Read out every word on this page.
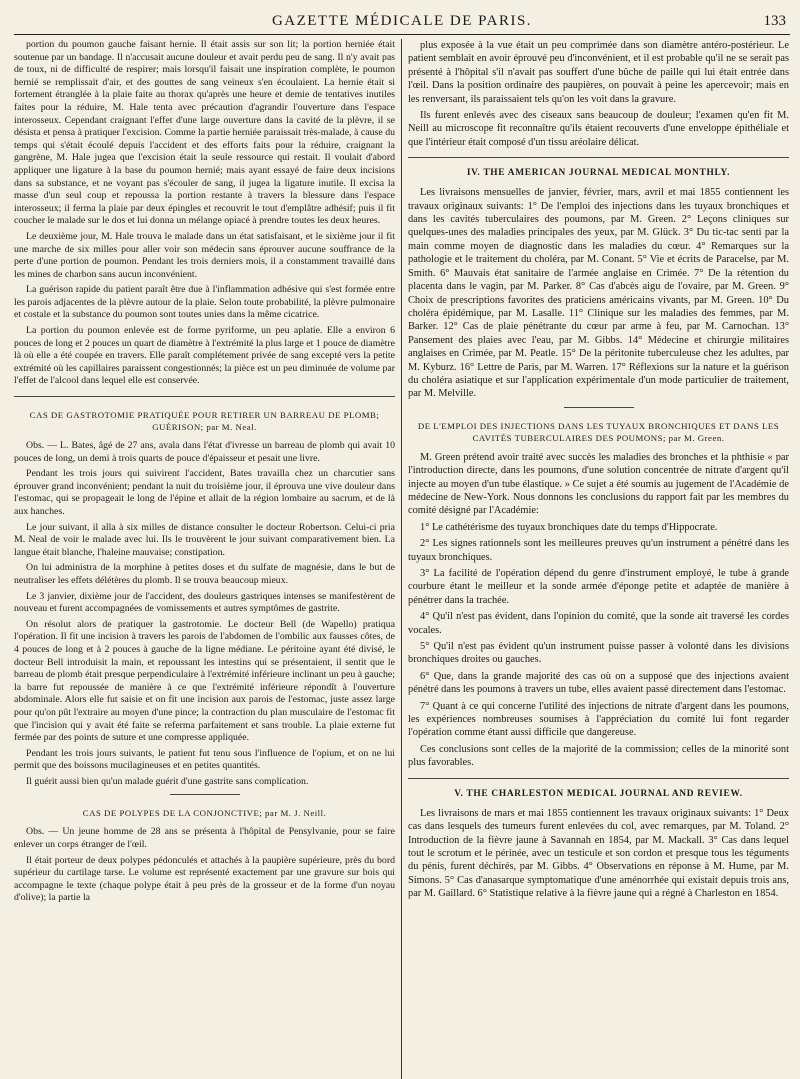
GAZETTE MÉDICALE DE PARIS.	133

portion du poumon gauche faisant hernie. Il était assis sur son lit; la portion herniée était soutenue par un bandage. Il n'accusait aucune douleur et avait perdu peu de sang. Il n'y avait pas de toux, ni de difficulté de respirer; mais lorsqu'il faisait une inspiration complète, le poumon hernié se remplissait d'air, et des gouttes de sang veineux s'en écoulaient. La hernie était si fortement étranglée à la plaie faite au thorax qu'après une heure et demie de tentatives inutiles faites pour la réduire, M. Hale tenta avec précaution d'agrandir l'ouverture dans l'espace interosseux. Cependant craignant l'effet d'une large ouverture dans la cavité de la plèvre, il se désista et pensa à pratiquer l'excision. Comme la partie herniée paraissait très-malade, à cause du temps qui s'était écoulé depuis l'accident et des efforts faits pour la réduire, craignant la gangrène, M. Hale jugea que l'excision était la seule ressource qui restait. Il voulait d'abord appliquer une ligature à la base du poumon hernié; mais ayant essayé de faire deux incisions dans sa substance, et ne voyant pas s'écouler de sang, il jugea la ligature inutile. Il excisa la masse d'un seul coup et repoussa la portion restante à travers la blessure dans l'espace interosseux; il ferma la plaie par deux épingles et recouvrit le tout d'emplâtre adhésif; puis il fit coucher le malade sur le dos et lui donna un mélange opiacé à prendre toutes les deux heures.

Le deuxième jour, M. Hale trouva le malade dans un état satisfaisant, et le sixième jour il fit une marche de six milles pour aller voir son médecin sans éprouver aucune souffrance de la perte d'une portion de poumon. Pendant les trois derniers mois, il a constamment travaillé dans les mines de charbon sans aucun inconvénient.

La guérison rapide du patient paraît être due à l'inflammation adhésive qui s'est formée entre les parois adjacentes de la plèvre autour de la plaie. Selon toute probabilité, la plèvre pulmonaire et costale et la substance du poumon sont toutes unies dans la même cicatrice.

La portion du poumon enlevée est de forme pyriforme, un peu aplatie. Elle a environ 6 pouces de long et 2 pouces un quart de diamètre à l'extrémité la plus large et 1 pouce de diamètre là où elle a été coupée en travers. Elle paraît complétement privée de sang excepté vers la petite extrémité où les capillaires paraissent congestionnés; la pièce est un peu diminuée de volume par l'effet de l'alcool dans lequel elle est conservée.

CAS DE GASTROTOMIE PRATIQUÉE POUR RETIRER UN BARREAU DE PLOMB; GUÉRISON; par M. Neal.

Obs. — L. Bates, âgé de 27 ans, avala dans l'état d'ivresse un barreau de plomb qui avait 10 pouces de long, un demi à trois quarts de pouce d'épaisseur et pesait une livre.

Pendant les trois jours qui suivirent l'accident, Bates travailla chez un charcutier sans éprouver grand inconvénient; pendant la nuit du troisième jour, il éprouva une vive douleur dans l'estomac, qui se propageait le long de l'épine et allait de la région lombaire au sacrum, et de là aux hanches.

Le jour suivant, il alla à six milles de distance consulter le docteur Robertson. Celui-ci pria M. Neal de voir le malade avec lui. Ils le trouvèrent le jour suivant comparativement bien. La langue était blanche, l'haleine mauvaise; constipation.

On lui administra de la morphine à petites doses et du sulfate de magnésie, dans le but de neutraliser les effets délétères du plomb. Il se trouva beaucoup mieux.

Le 3 janvier, dixième jour de l'accident, des douleurs gastriques intenses se manifestèrent de nouveau et furent accompagnées de vomissements et autres symptômes de gastrite.

On résolut alors de pratiquer la gastrotomie. Le docteur Bell (de Wapello) pratiqua l'opération. Il fit une incision à travers les parois de l'abdomen de l'ombilic aux fausses côtes, de 4 pouces de long et à 2 pouces à gauche de la ligne médiane. Le péritoine ayant été divisé, le docteur Bell introduisit la main, et repoussant les intestins qui se présentaient, il sentit que le barreau de plomb était presque perpendiculaire à l'extrémité inférieure inclinant un peu à gauche; la barre fut repoussée de manière à ce que l'extrémité inférieure répondît à l'ouverture abdominale. Alors elle fut saisie et on fit une incision aux parois de l'estomac, juste assez large pour qu'on pût l'extraire au moyen d'une pince; la contraction du plan musculaire de l'estomac fit que l'incision qui y avait été faite se referma parfaitement et sans trouble. La plaie externe fut fermée par des points de suture et une compresse appliquée.

Pendant les trois jours suivants, le patient fut tenu sous l'influence de l'opium, et on ne lui permit que des boissons mucilagineuses et en petites quantités.

Il guérit aussi bien qu'un malade guérit d'une gastrite sans complication.

CAS DE POLYPES DE LA CONJONCTIVE; par M. J. Neill.

Obs. — Un jeune homme de 28 ans se présenta à l'hôpital de Pensylvanie, pour se faire enlever un corps étranger de l'œil.

Il était porteur de deux polypes pédonculés et attachés à la paupière supérieure, près du bord supérieur du cartilage tarse. Le volume est représenté exactement par une gravure sur bois qui accompagne le texte (chaque polype était à peu près de la grosseur et de la forme d'un noyau d'olive); la partie la

plus exposée à la vue était un peu comprimée dans son diamètre antéro-postérieur. Le patient semblait en avoir éprouvé peu d'inconvénient, et il est probable qu'il ne se serait pas présenté à l'hôpital s'il n'avait pas souffert d'une bûche de paille qui lui était entrée dans l'œil. Dans la position ordinaire des paupières, on pouvait à peine les apercevoir; mais en les renversant, ils paraissaient tels qu'on les voit dans la gravure.

Ils furent enlevés avec des ciseaux sans beaucoup de douleur; l'examen qu'en fit M. Neill au microscope fit reconnaître qu'ils étaient recouverts d'une enveloppe épithéliale et que l'intérieur était composé d'un tissu aréolaire délicat.

IV. THE AMERICAN JOURNAL MEDICAL MONTHLY.

Les livraisons mensuelles de janvier, février, mars, avril et mai 1855 contiennent les travaux originaux suivants: 1° De l'emploi des injections dans les tuyaux bronchiques et dans les cavités tuberculaires des poumons, par M. Green. 2° Leçons cliniques sur quelques-unes des maladies principales des yeux, par M. Glück. 3° Du tic-tac senti par la main comme moyen de diagnostic dans les maladies du cœur. 4° Remarques sur la pathologie et le traitement du choléra, par M. Conant. 5° Vie et écrits de Paracelse, par M. Smith. 6° Mauvais état sanitaire de l'armée anglaise en Crimée. 7° De la rétention du placenta dans le vagin, par M. Parker. 8° Cas d'abcès aigu de l'ovaire, par M. Green. 9° Choix de prescriptions favorites des praticiens américains vivants, par M. Green. 10° Du choléra épidémique, par M. Lasalle. 11° Clinique sur les maladies des femmes, par M. Barker. 12° Cas de plaie pénétrante du cœur par arme à feu, par M. Carnochan. 13° Pansement des plaies avec l'eau, par M. Gibbs. 14° Médecine et chirurgie militaires anglaises en Crimée, par M. Peatle. 15° De la péritonite tuberculeuse chez les adultes, par M. Kyburz. 16° Lettre de Paris, par M. Warren. 17° Réflexions sur la nature et la guérison du choléra asiatique et sur l'application expérimentale d'un mode particulier de traitement, par M. Melville.

DE L'EMPLOI DES INJECTIONS DANS LES TUYAUX BRONCHIQUES ET DANS LES CAVITÉS TUBERCULAIRES DES POUMONS; par M. Green.

M. Green prétend avoir traité avec succès les maladies des bronches et la phthisie « par l'introduction directe, dans les poumons, d'une solution concentrée de nitrate d'argent qu'il injecte au moyen d'un tube élastique. » Ce sujet a été soumis au jugement de l'Académie de médecine de New-York. Nous donnons les conclusions du rapport fait par les membres du comité désigné par l'Académie:

1° Le cathétérisme des tuyaux bronchiques date du temps d'Hippocrate.

2° Les signes rationnels sont les meilleures preuves qu'un instrument a pénétré dans les tuyaux bronchiques.

3° La facilité de l'opération dépend du genre d'instrument employé, le tube à grande courbure étant le meilleur et la sonde armée d'éponge petite et adaptée de manière à pénétrer dans la trachée.

4° Qu'il n'est pas évident, dans l'opinion du comité, que la sonde ait traversé les cordes vocales.

5° Qu'il n'est pas évident qu'un instrument puisse passer à volonté dans les divisions bronchiques droites ou gauches.

6° Que, dans la grande majorité des cas où on a supposé que des injections avaient pénétré dans les poumons à travers un tube, elles avaient passé directement dans l'estomac.

7° Quant à ce qui concerne l'utilité des injections de nitrate d'argent dans les poumons, les expériences nombreuses soumises à l'appréciation du comité lui font regarder l'opération comme étant aussi difficile que dangereuse.

Ces conclusions sont celles de la majorité de la commission; celles de la minorité sont plus favorables.

V. THE CHARLESTON MEDICAL JOURNAL AND REVIEW.

Les livraisons de mars et mai 1855 contiennent les travaux originaux suivants: 1° Deux cas dans lesquels des tumeurs furent enlevées du col, avec remarques, par M. Toland. 2° Introduction de la fièvre jaune à Savannah en 1854, par M. Mackall. 3° Cas dans lequel tout le scrotum et le périnée, avec un testicule et son cordon et presque tous les téguments du pénis, furent déchirés, par M. Gibbs. 4° Observations en réponse à M. Hume, par M. Simons. 5° Cas d'anasarque symptomatique d'une aménorrhée qui existait depuis trois ans, par M. Gaillard. 6° Statistique relative à la fièvre jaune qui a régné à Charleston en 1854.
